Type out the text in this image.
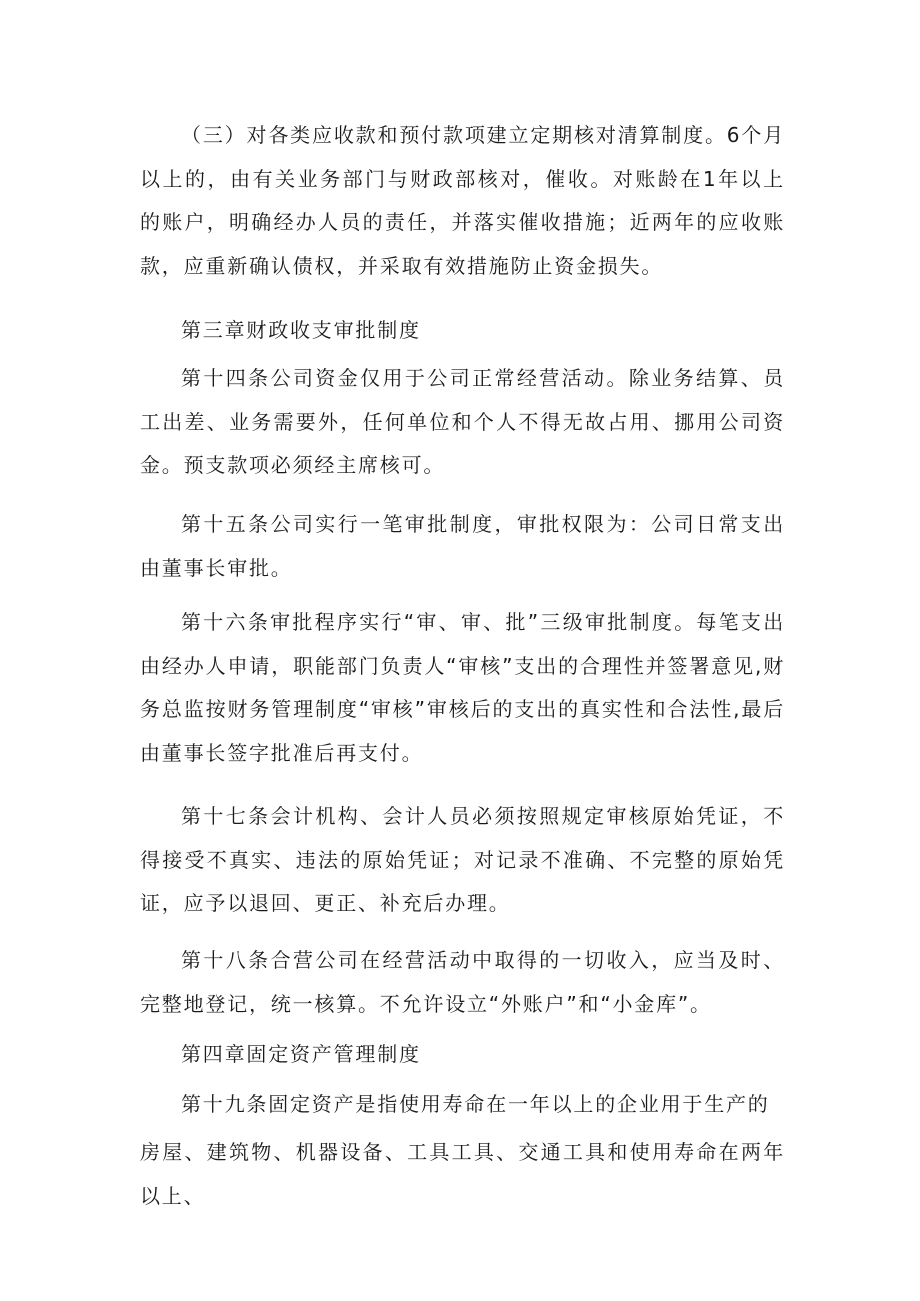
（三）对各类应收款和预付款项建立定期核对清算制度。6个月以上的，由有关业务部门与财政部核对，催收。对账龄在1年以上的账户，明确经办人员的责任，并落实催收措施；近两年的应收账款，应重新确认债权，并采取有效措施防止资金损失。

第三章财政收支审批制度

第十四条公司资金仅用于公司正常经营活动。除业务结算、员工出差、业务需要外，任何单位和个人不得无故占用、挪用公司资金。预支款项必须经主席核可。

第十五条公司实行一笔审批制度，审批权限为：公司日常支出由董事长审批。

第十六条审批程序实行“审、审、批”三级审批制度。每笔支出由经办人申请，职能部门负责人“审核”支出的合理性并签署意见,财务总监按财务管理制度“审核”审核后的支出的真实性和合法性,最后由董事长签字批准后再支付。

第十七条会计机构、会计人员必须按照规定审核原始凭证，不得接受不真实、违法的原始凭证；对记录不准确、不完整的原始凭证，应予以退回、更正、补充后办理。

第十八条合营公司在经营活动中取得的一切收入，应当及时、完整地登记，统一核算。不允许设立“外账户”和“小金库”。

第四章固定资产管理制度

第十九条固定资产是指使用寿命在一年以上的企业用于生产的

房屋、建筑物、机器设备、工具工具、交通工具和使用寿命在两年以上、
